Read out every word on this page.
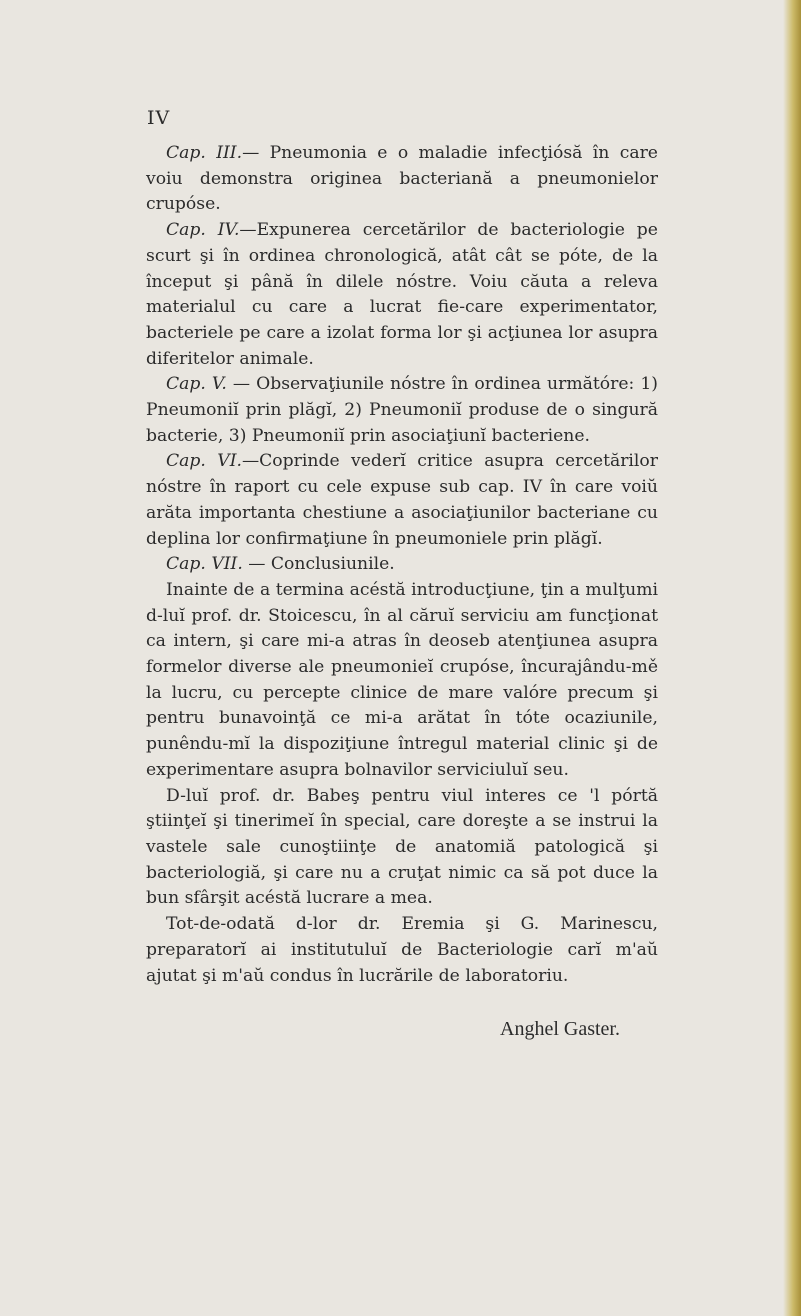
IV

Cap. III.— Pneumonia e o maladie infecţiósă în care voiu demonstra originea bacteriană a pneumonielor crupóse.

Cap. IV.—Expunerea cercetărilor de bacteriologie pe scurt şi în ordinea chronologică, atât cât se póte, de la început şi până în dilele nóstre. Voiu căuta a releva materialul cu care a lucrat fie-care experimentator, bacteriele pe care a izolat forma lor şi acţiunea lor asupra diferitelor animale.

Cap. V. — Observaţiunile nóstre în ordinea următóre: 1) Pneumoniĭ prin plăgĭ, 2) Pneumoniĭ produse de o singură bacterie, 3) Pneumoniĭ prin asociaţiunĭ bacteriene.

Cap. VI.—Coprinde vederĭ critice asupra cercetărilor nóstre în raport cu cele expuse sub cap. IV în care voiŭ arăta importanta chestiune a asociaţiunilor bacteriane cu deplina lor confirmaţiune în pneumoniele prin plăgĭ.

Cap. VII. — Conclusiunile.

Inainte de a termina acéstă introducţiune, ţin a mulţumi d-luĭ prof. dr. Stoicescu, în al căruĭ serviciu am funcţionat ca intern, şi care mi-a atras în deoseb atenţiunea asupra formelor diverse ale pneumonieĭ crupóse, încurajându-mě la lucru, cu percepte clinice de mare valóre precum şi pentru bunavoinţă ce mi-a arătat în tóte ocaziunile, punêndu-mĭ la dispoziţiune întregul material clinic şi de experimentare asupra bolnavilor serviciuluĭ seu.

D-luĭ prof. dr. Babeş pentru viul interes ce 'l pórtă ştiinţeĭ şi tinerimeĭ în special, care doreşte a se instrui la vastele sale cunoştiinţe de anatomiă patologică şi bacteriologiă, şi care nu a cruţat nimic ca să pot duce la bun sfârşit acéstă lucrare a mea.

Tot-de-odată d-lor dr. Eremia şi G. Marinescu, preparatorĭ ai institutuluĭ de Bacteriologie carĭ m'aŭ ajutat şi m'aŭ condus în lucrările de laboratoriu.

Anghel Gaster.
